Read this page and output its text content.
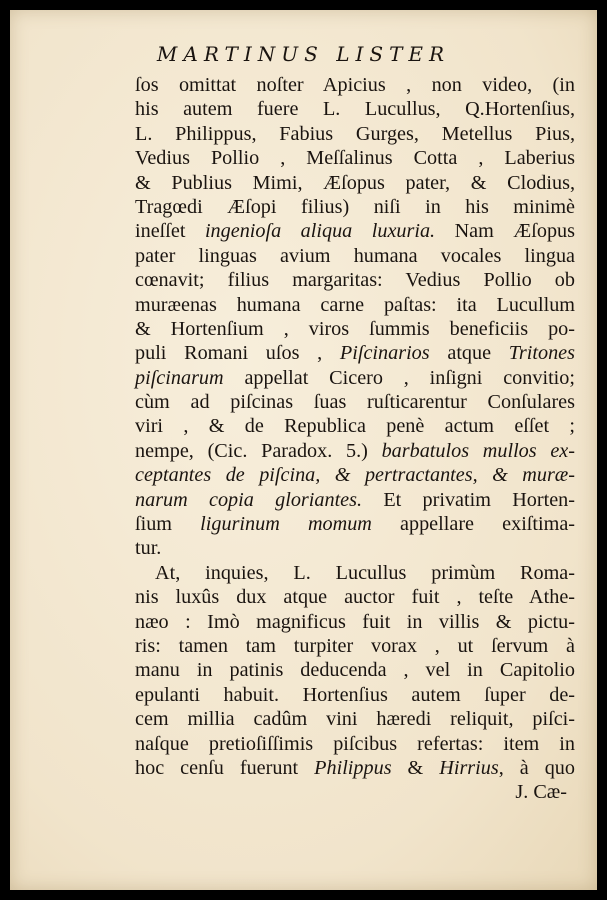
MARTINUS LISTER
ſos omittat noſter Apicius , non video, (in
his autem fuere L. Lucullus, Q.Hortenſius,
L. Philippus, Fabius Gurges, Metellus Pius,
Vedius Pollio , Meſſalinus Cotta , Laberius
& Publius Mimi, Æſopus pater, & Clodius,
Tragœdi Æſopi filius) niſi in his minimè
ineſſet ingenioſa aliqua luxuria. Nam Æſopus
pater linguas avium humana vocales lingua
cœnavit; filius margaritas: Vedius Pollio ob
muræenas humana carne paſtas: ita Lucullum
& Hortenſium , viros ſummis beneficiis po-
puli Romani uſos , Piſcinarios atque Tritones
piſcinarum appellat Cicero , inſigni convitio;
cùm ad piſcinas ſuas ruſticarentur Conſulares
viri , & de Republica penè actum eſſet ;
nempe, (Cic. Paradox. 5.) barbatulos mullos ex-
ceptantes de piſcina, & pertractantes, & muræ-
narum copia gloriantes. Et privatim Horten-
ſium ligurinum momum appellare exiſtima-
tur.
At, inquies, L. Lucullus primùm Roma-
nis luxûs dux atque auctor fuit , teſte Athe-
næo : Imò magnificus fuit in villis & pictu-
ris: tamen tam turpiter vorax , ut ſervum à
manu in patinis deducenda , vel in Capitolio
epulanti habuit. Hortenſius autem ſuper de-
cem millia cadûm vini hæredi reliquit, piſci-
naſque pretioſiſſimis piſcibus refertas: item in
hoc cenſu fuerunt Philippus & Hirrius, à quo
J. Cæ-
